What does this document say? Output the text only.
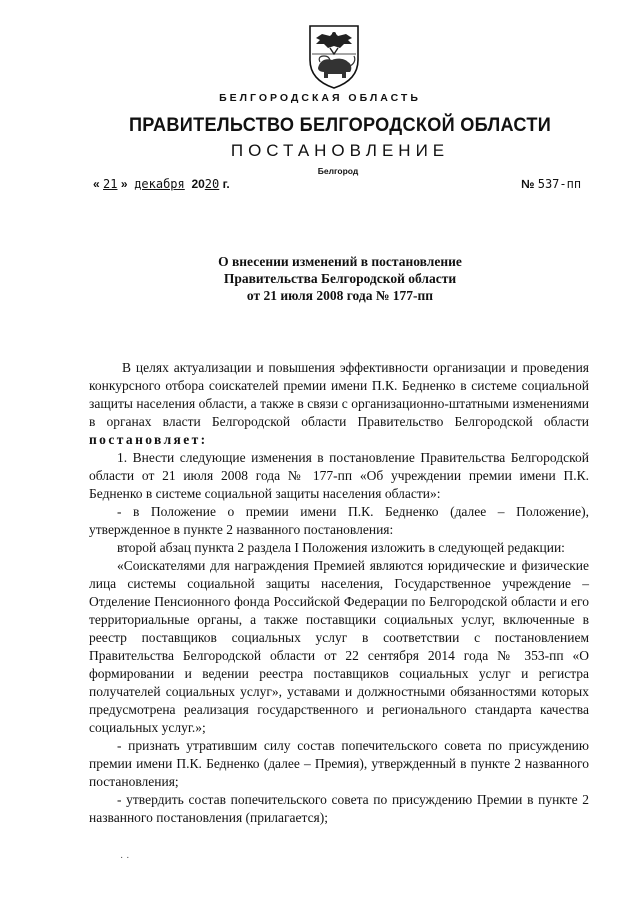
БЕЛГОРОДСКАЯ ОБЛАСТЬ
ПРАВИТЕЛЬСТВО БЕЛГОРОДСКОЙ ОБЛАСТИ
ПОСТАНОВЛЕНИЕ
Белгород
« 21 » декабря 2020 г.	№ 537-пп
О внесении изменений в постановление
Правительства Белгородской области
от 21 июля 2008 года № 177-пп

В целях актуализации и повышения эффективности организации и проведения конкурсного отбора соискателей премии имени П.К. Бедненко в системе социальной защиты населения области, а также в связи с организационно-штатными изменениями в органах власти Белгородской области Правительство Белгородской области постановляет:

1. Внести следующие изменения в постановление Правительства Белгородской области от 21 июля 2008 года № 177-пп «Об учреждении премии имени П.К. Бедненко в системе социальной защиты населения области»:

- в Положение о премии имени П.К. Бедненко (далее – Положение), утвержденное в пункте 2 названного постановления:

второй абзац пункта 2 раздела I Положения изложить в следующей редакции:

«Соискателями для награждения Премией являются юридические и физические лица системы социальной защиты населения, Государственное учреждение – Отделение Пенсионного фонда Российской Федерации по Белгородской области и его территориальные органы, а также поставщики социальных услуг, включенные в реестр поставщиков социальных услуг в соответствии с постановлением Правительства Белгородской области от 22 сентября 2014 года № 353-пп «О формировании и ведении реестра поставщиков социальных услуг и регистра получателей социальных услуг», уставами и должностными обязанностями которых предусмотрена реализация государственного и регионального стандарта качества социальных услуг.»;

- признать утратившим силу состав попечительского совета по присуждению премии имени П.К. Бедненко (далее – Премия), утвержденный в пункте 2 названного постановления;

- утвердить состав попечительского совета по присуждению Премии в пункте 2 названного постановления (прилагается);

· ·
